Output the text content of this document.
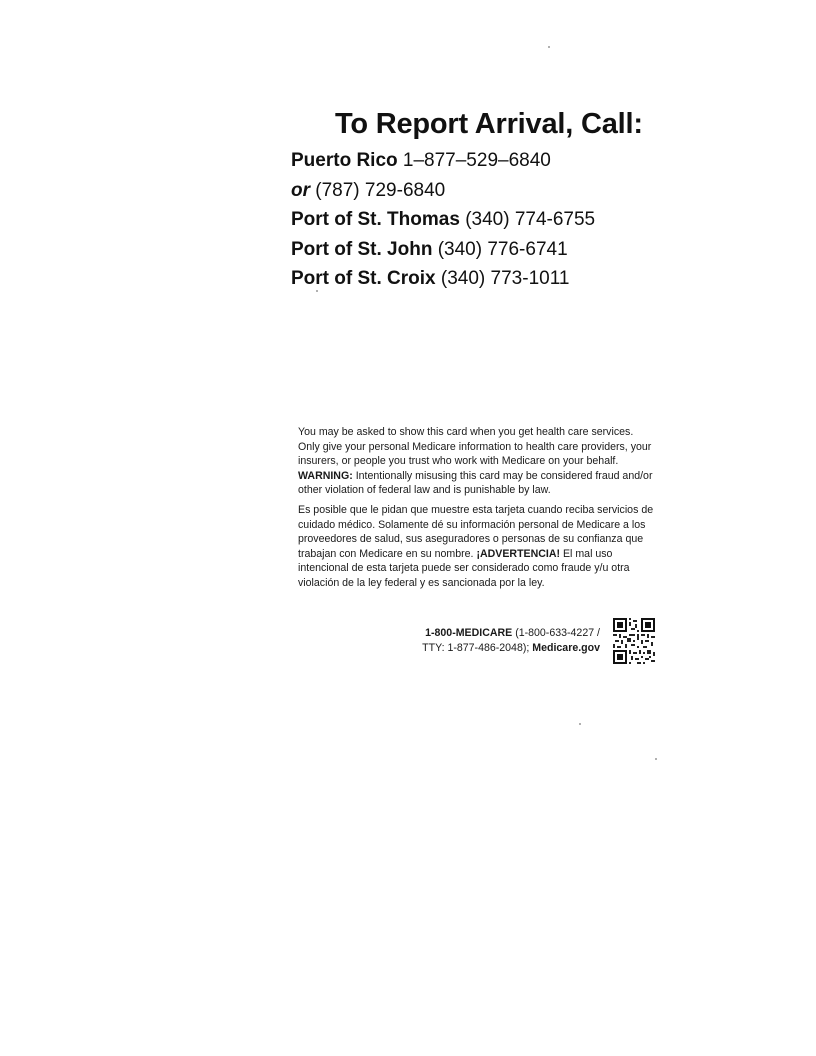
To Report Arrival, Call:
Puerto Rico 1–877–529–6840
or (787) 729-6840
Port of St. Thomas (340) 774-6755
Port of St. John (340) 776-6741
Port of St. Croix (340) 773-1011

You may be asked to show this card when you get health care services. Only give your personal Medicare information to health care providers, your insurers, or people you trust who work with Medicare on your behalf. WARNING: Intentionally misusing this card may be considered fraud and/or other violation of federal law and is punishable by law.

Es posible que le pidan que muestre esta tarjeta cuando reciba servicios de cuidado médico. Solamente dé su información personal de Medicare a los proveedores de salud, sus aseguradores o personas de su confianza que trabajan con Medicare en su nombre. ¡ADVERTENCIA! El mal uso intencional de esta tarjeta puede ser considerado como fraude y/u otra violación de la ley federal y es sancionada por la ley.

1-800-MEDICARE (1-800-633-4227 /
TTY: 1-877-486-2048); Medicare.gov
